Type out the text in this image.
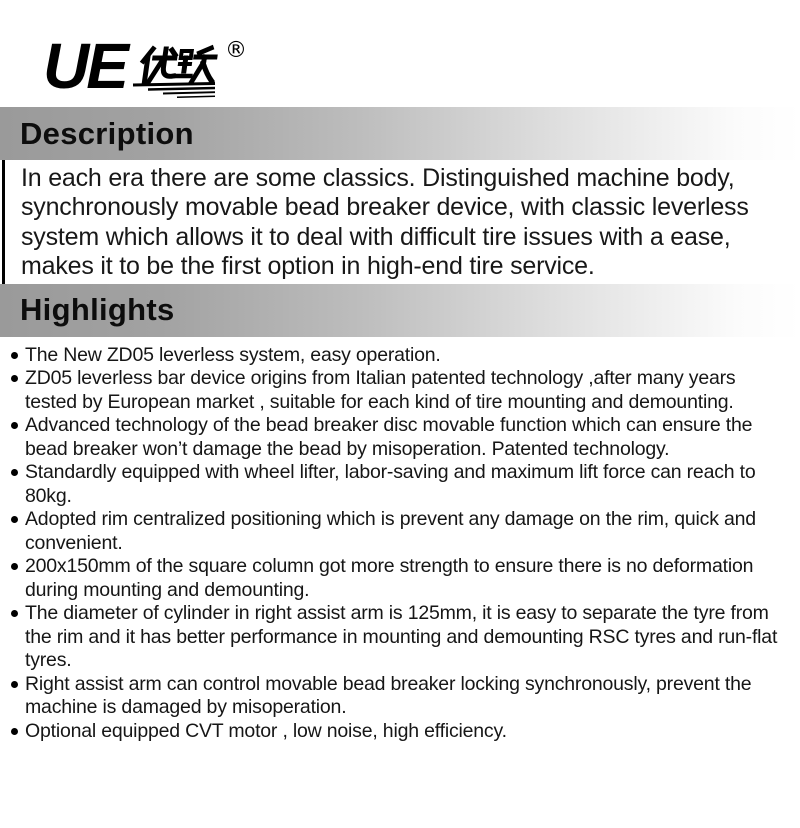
UE	®
Description

In each era there are some classics. Distinguished machine body, synchronously movable bead breaker device, with classic leverless system which allows it to deal with difficult tire issues with a ease, makes it to be the first option in high-end tire service.

Highlights
The New ZD05 leverless system, easy operation.
ZD05 leverless bar device origins from Italian patented technology ,after many years tested by European market , suitable for each kind of tire mounting and demounting.
Advanced technology of the bead breaker disc movable function which can ensure the bead breaker won’t damage the bead by misoperation. Patented technology.
Standardly equipped with wheel lifter, labor-saving and maximum lift force can reach to 80kg.
Adopted rim centralized positioning which is prevent any damage on the rim, quick and convenient.
200x150mm of the square column got more strength to ensure there is no deformation during mounting and demounting.
The diameter of cylinder in right assist arm is 125mm, it is easy to separate the tyre from the rim and it has better performance in mounting and demounting RSC tyres and run-flat tyres.
Right assist arm can control movable bead breaker locking synchronously, prevent the machine is damaged by misoperation.
Optional equipped CVT motor , low noise, high efficiency.
